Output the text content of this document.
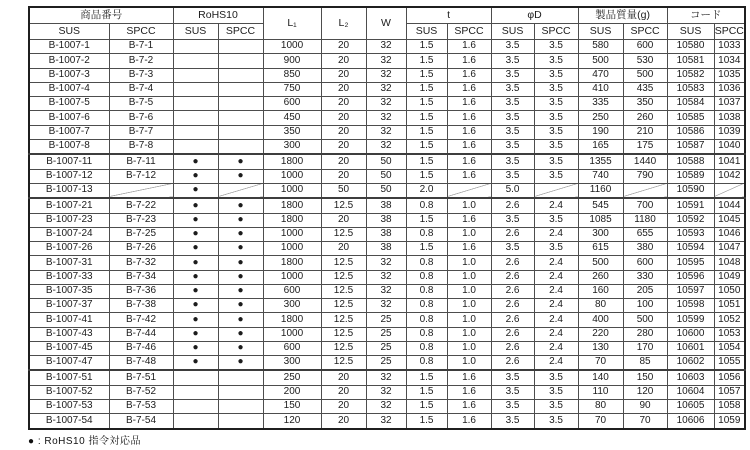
商品番号		RoHS10		L₁	L₂	W	t		φD		製品質量(g)		コード	
SUS	SPCC	SUS	SPCC				SUS	SPCC	SUS	SPCC	SUS	SPCC	SUS	SPCC
B-1007-1	B-7-1			1000	20	32	1.5	1.6	3.5	3.5	580	600	10580	1033
B-1007-2	B-7-2			900	20	32	1.5	1.6	3.5	3.5	500	530	10581	1034
B-1007-3	B-7-3			850	20	32	1.5	1.6	3.5	3.5	470	500	10582	1035
B-1007-4	B-7-4			750	20	32	1.5	1.6	3.5	3.5	410	435	10583	1036
B-1007-5	B-7-5			600	20	32	1.5	1.6	3.5	3.5	335	350	10584	1037
B-1007-6	B-7-6			450	20	32	1.5	1.6	3.5	3.5	250	260	10585	1038
B-1007-7	B-7-7			350	20	32	1.5	1.6	3.5	3.5	190	210	10586	1039
B-1007-8	B-7-8			300	20	32	1.5	1.6	3.5	3.5	165	175	10587	1040
B-1007-11	B-7-11	●	●	1800	20	50	1.5	1.6	3.5	3.5	1355	1440	10588	1041
B-1007-12	B-7-12	●	●	1000	20	50	1.5	1.6	3.5	3.5	740	790	10589	1042
B-1007-13		●		1000	50	50	2.0		5.0		1160		10590	
B-1007-21	B-7-22	●	●	1800	12.5	38	0.8	1.0	2.6	2.4	545	700	10591	1044
B-1007-23	B-7-23	●	●	1800	20	38	1.5	1.6	3.5	3.5	1085	1180	10592	1045
B-1007-24	B-7-25	●	●	1000	12.5	38	0.8	1.0	2.6	2.4	300	655	10593	1046
B-1007-26	B-7-26	●	●	1000	20	38	1.5	1.6	3.5	3.5	615	380	10594	1047
B-1007-31	B-7-32	●	●	1800	12.5	32	0.8	1.0	2.6	2.4	500	600	10595	1048
B-1007-33	B-7-34	●	●	1000	12.5	32	0.8	1.0	2.6	2.4	260	330	10596	1049
B-1007-35	B-7-36	●	●	600	12.5	32	0.8	1.0	2.6	2.4	160	205	10597	1050
B-1007-37	B-7-38	●	●	300	12.5	32	0.8	1.0	2.6	2.4	80	100	10598	1051
B-1007-41	B-7-42	●	●	1800	12.5	25	0.8	1.0	2.6	2.4	400	500	10599	1052
B-1007-43	B-7-44	●	●	1000	12.5	25	0.8	1.0	2.6	2.4	220	280	10600	1053
B-1007-45	B-7-46	●	●	600	12.5	25	0.8	1.0	2.6	2.4	130	170	10601	1054
B-1007-47	B-7-48	●	●	300	12.5	25	0.8	1.0	2.6	2.4	70	85	10602	1055
B-1007-51	B-7-51			250	20	32	1.5	1.6	3.5	3.5	140	150	10603	1056
B-1007-52	B-7-52			200	20	32	1.5	1.6	3.5	3.5	110	120	10604	1057
B-1007-53	B-7-53			150	20	32	1.5	1.6	3.5	3.5	80	90	10605	1058
B-1007-54	B-7-54			120	20	32	1.5	1.6	3.5	3.5	70	70	10606	1059
● : RoHS10 指令対応品
